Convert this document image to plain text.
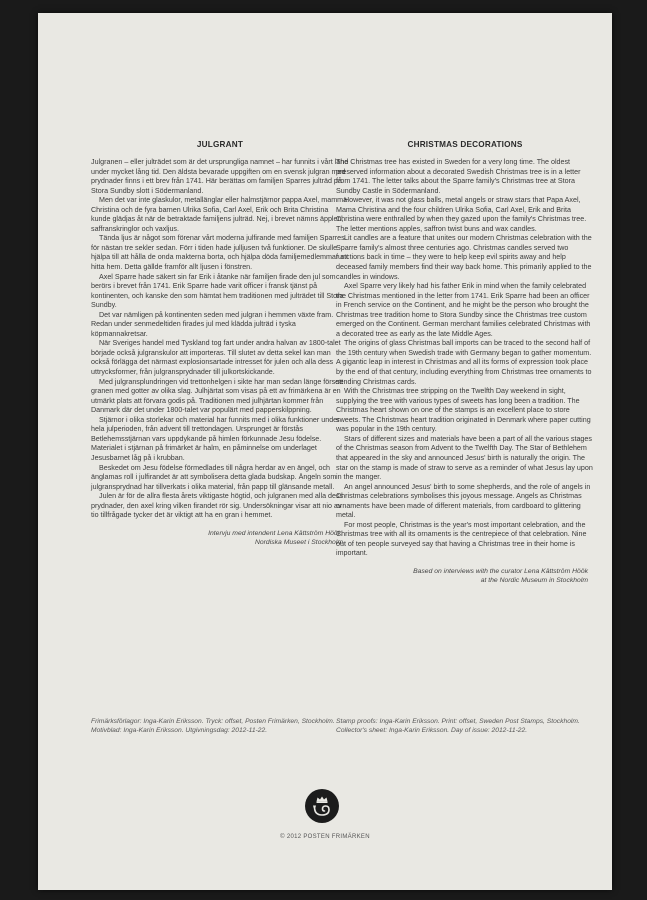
JULGRANT

Julgranen – eller julträdet som är det ursprungliga namnet – har funnits i vårt land under mycket lång tid. Den äldsta bevarade uppgiften om en svensk julgran med prydnader finns i ett brev från 1741. Här berättas om familjen Sparres julträd på Stora Sundby slott i Södermanland.

Men det var inte glaskulor, metallänglar eller halmstjärnor pappa Axel, mamma Christina och de fyra barnen Ulrika Sofia, Carl Axel, Erik och Brita Christina kunde glädjas åt när de betraktade familjens julträd. Nej, i brevet nämns äpplen, saffranskringlor och vaxljus.

Tända ljus är något som förenar vårt moderna julfirande med familjen Sparres för nästan tre sekler sedan. Förr i tiden hade julljusen två funktioner. De skulle hjälpa till att hålla de onda makterna borta, och hjälpa döda familjemedlemmar att hitta hem. Detta gällde framför allt ljusen i fönstren.

Axel Sparre hade säkert sin far Erik i åtanke när familjen firade den jul som berörs i brevet från 1741. Erik Sparre hade varit officer i fransk tjänst på kontinenten, och kanske den som hämtat hem traditionen med julträdet till Stora Sundby.

Det var nämligen på kontinenten seden med julgran i hemmen växte fram. Redan under senmedeltiden firades jul med klädda julträd i tyska köpmannakretsar.

När Sveriges handel med Tyskland tog fart under andra halvan av 1800-talet började också julgranskulor att importeras. Till slutet av detta sekel kan man också förlägga det närmast explosionsartade intresset för julen och alla dess uttrycksformer, från julgransprydnader till julkortskickande.

Med julgransplundringen vid trettonhelgen i sikte har man sedan länge försett granen med gotter av olika slag. Julhjärtat som visas på ett av frimärkena är en utmärkt plats att förvara godis på. Traditionen med julhjärtan kommer från Danmark där det under 1800-talet var populärt med papperskilppning.

Stjärnor i olika storlekar och material har funnits med i olika funktioner under hela julperioden, från advent till trettondagen. Ursprunget är förstås Betlehemsstjärnan vars uppdykande på himlen förkunnade Jesu födelse. Materialet i stjärnan på frimärket är halm, en påminnelse om underlaget Jesusbarnet låg på i krubban.

Beskedet om Jesu födelse förmedlades till några herdar av en ängel, och änglamas roll i julfirandet är att symbolisera detta glada budskap. Ängeln som julgransprydnad har tillverkats i olika material, från papp till glänsande metall.

Julen är för de allra flesta årets viktigaste högtid, och julgranen med alla dess prydnader, den axel kring vilken firandet rör sig. Undersökningar visar att nio av tio tillfrågade tycker det är viktigt att ha en gran i hemmet.

Intervju med intendent Lena Kättström Höök,
Nordiska Museet i Stockholm
CHRISTMAS DECORATIONS

The Christmas tree has existed in Sweden for a very long time. The oldest preserved information about a decorated Swedish Christmas tree is in a letter from 1741. The letter talks about the Sparre family's Christmas tree at Stora Sundby Castle in Södermanland.

However, it was not glass balls, metal angels or straw stars that Papa Axel, Mama Christina and the four children Ulrika Sofia, Carl Axel, Erik and Brita Christina were enthralled by when they gazed upon the family's Christmas tree. The letter mentions apples, saffron twist buns and wax candles.

Lit candles are a feature that unites our modern Christmas celebration with the Sparre family's almost three centuries ago. Christmas candles served two functions back in time – they were to help keep evil spirits away and help deceased family members find their way back home. This primarily applied to the candles in windows.

Axel Sparre very likely had his father Erik in mind when the family celebrated the Christmas mentioned in the letter from 1741. Erik Sparre had been an officer in French service on the Continent, and he might be the person who brought the Christmas tree tradition home to Stora Sundby since the Christmas tree custom emerged on the Continent. German merchant families celebrated Christmas with a decorated tree as early as the late Middle Ages.

The origins of glass Christmas ball imports can be traced to the second half of the 19th century when Swedish trade with Germany began to gather momentum. A gigantic leap in interest in Christmas and all its forms of expression took place by the end of that century, including everything from Christmas tree ornaments to sending Christmas cards.

With the Christmas tree stripping on the Twelfth Day weekend in sight, supplying the tree with various types of sweets has long been a tradition. The Christmas heart shown on one of the stamps is an excellent place to store sweets. The Christmas heart tradition originated in Denmark where paper cutting was popular in the 19th century.

Stars of different sizes and materials have been a part of all the various stages of the Christmas season from Advent to the Twelfth Day. The Star of Bethlehem that appeared in the sky and announced Jesus' birth is naturally the origin. The star on the stamp is made of straw to serve as a reminder of what Jesus lay upon in the manger.

An angel announced Jesus' birth to some shepherds, and the role of angels in Christmas celebrations symbolises this joyous message. Angels as Christmas ornaments have been made of different materials, from cardboard to glittering metal.

For most people, Christmas is the year's most important celebration, and the Christmas tree with all its ornaments is the centrepiece of that celebration. Nine out of ten people surveyed say that having a Christmas tree in their home is important.

Based on interviews with the curator Lena Kättström Höök
at the Nordic Museum in Stockholm
Frimärksförlagor: Inga-Karin Eriksson. Tryck: offset, Posten Frimärken, Stockholm. Motivblad: Inga-Karin Eriksson. Utgivningsdag: 2012-11-22.
Stamp proofs: Inga-Karin Eriksson. Print: offset, Sweden Post Stamps, Stockholm. Collector's sheet: Inga-Karin Eriksson. Day of issue: 2012-11-22.
© 2012 POSTEN FRIMÄRKEN
